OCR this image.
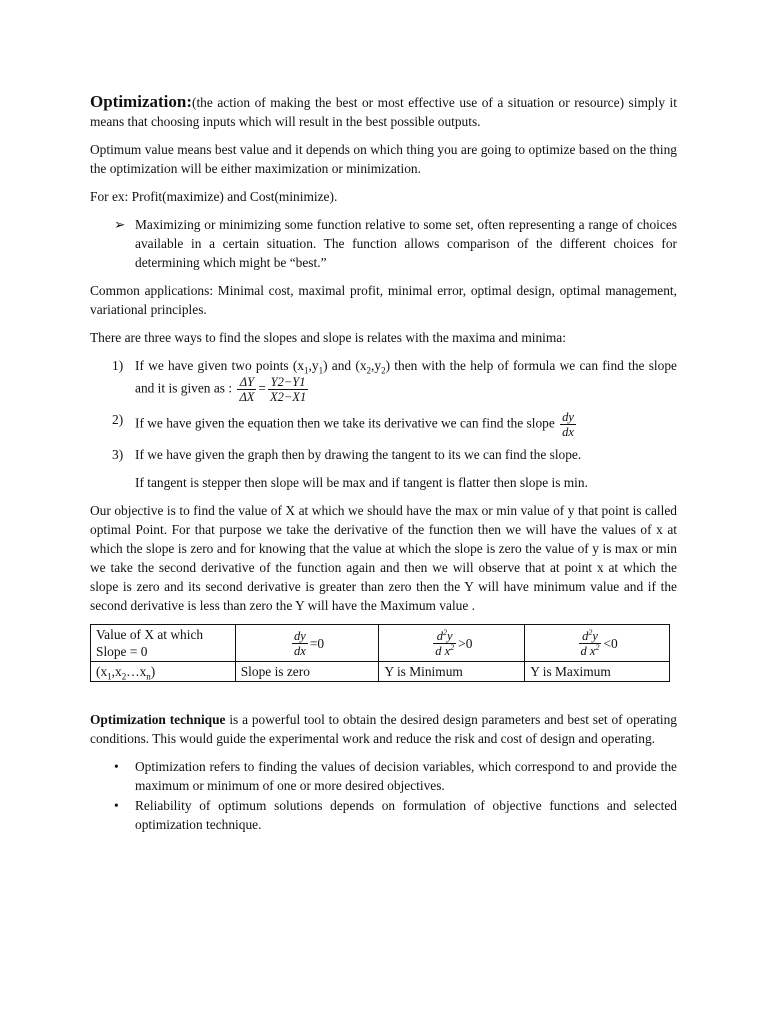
Optimization:(the action of making the best or most effective use of a situation or resource) simply it means that choosing inputs which will result in the best possible outputs.

Optimum value means best value and it depends on which thing you are going to optimize based on the thing the optimization will be either maximization or minimization.

For ex: Profit(maximize) and Cost(minimize).

➢ Maximizing or minimizing some function relative to some set, often representing a range of choices available in a certain situation. The function allows comparison of the different choices for determining which might be “best.”

Common applications: Minimal cost, maximal profit, minimal error, optimal design, optimal management, variational principles.

There are three ways to find the slopes and slope is relates with the maxima and minima:

1) If we have given two points $(x_1,y_1)$ and $(x_2,y_2)$ then with the help of formula we can find the slope and it is given as : $\frac{\Delta Y}{\Delta X} = \frac{Y2-Y1}{X2-X1}$
2) If we have given the equation then we take its derivative we can find the slope $\frac{dy}{dx}$
3) If we have given the graph then by drawing the tangent to its we can find the slope.
If tangent is stepper then slope will be max and if tangent is flatter then slope is min.

Our objective is to find the value of X at which we should have the max or min value of y that point is called optimal Point. For that purpose we take the derivative of the function then we will have the values of x at which the slope is zero and for knowing that the value at which the slope is zero the value of y is max or min we take the second derivative of the function again and then we will observe that at point x at which the slope is zero and its second derivative is greater than zero then the Y will have minimum value and if the second derivative is less than zero the Y will have the Maximum value .

Value of X at which Slope = 0	$\frac{dy}{dx} =0$	$\frac{d^2y}{d x^2} >0$	$\frac{d^2y}{d x^2} <0$

$(x_1,x_2\dots x_n)$	Slope is zero	Y is Minimum	Y is Maximum

Optimization technique is a powerful tool to obtain the desired design parameters and best set of operating conditions. This would guide the experimental work and reduce the risk and cost of design and operating.

• Optimization refers to finding the values of decision variables, which correspond to and provide the maximum or minimum of one or more desired objectives.
• Reliability of optimum solutions depends on formulation of objective functions and selected optimization technique.
